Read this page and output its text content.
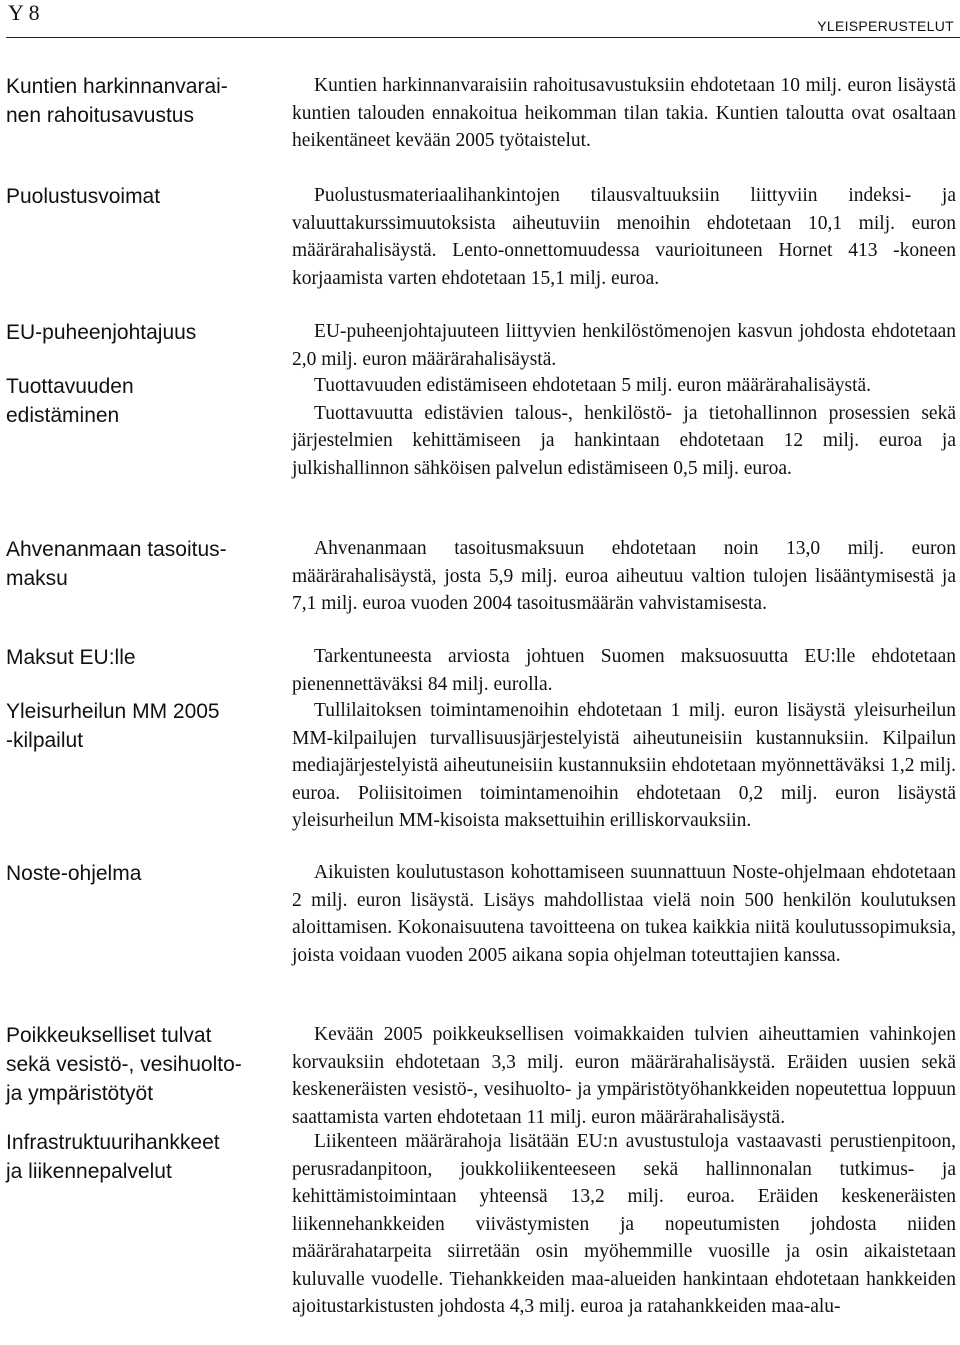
Y 8
YLEISPERUSTELUT
Kuntien harkinnanvarai-
nen rahoitusavustus

Kuntien harkinnanvaraisiin rahoitusavustuksiin ehdotetaan 10 milj. euron lisäystä kuntien talouden ennakoitua heikomman tilan takia. Kuntien taloutta ovat osaltaan heikentäneet kevään 2005 työtaistelut.

Puolustusvoimat	Puolustusmateriaalihankintojen tilausvaltuuksiin liittyviin indeksi- ja valuuttakurssimuutoksista aiheutuviin menoihin ehdotetaan 10,1 milj. euron määrärahalisäystä. Lento-onnettomuudessa vaurioituneen Hornet 413 -koneen korjaamista varten ehdotetaan 15,1 milj. euroa.

EU-puheenjohtajuus	EU-puheenjohtajuuteen liittyvien henkilöstömenojen kasvun johdosta ehdotetaan 2,0 milj. euron määrärahalisäystä.

Tuottavuuden
edistäminen

Tuottavuuden edistämiseen ehdotetaan 5 milj. euron määrärahalisäystä.

Tuottavuutta edistävien talous-, henkilöstö- ja tietohallinnon prosessien sekä järjestelmien kehittämiseen ja hankintaan ehdotetaan 12 milj. euroa ja julkishallinnon sähköisen palvelun edistämiseen 0,5 milj. euroa.

Ahvenanmaan tasoitus-
maksu

Ahvenanmaan tasoitusmaksuun ehdotetaan noin 13,0 milj. euron määrärahalisäystä, josta 5,9 milj. euroa aiheutuu valtion tulojen lisääntymisestä ja 7,1 milj. euroa vuoden 2004 tasoitusmäärän vahvistamisesta.

Maksut EU:lle	Tarkentuneesta arviosta johtuen Suomen maksuosuutta EU:lle ehdotetaan pienennettäväksi 84 milj. eurolla.

Yleisurheilun MM 2005
-kilpailut

Tullilaitoksen toimintamenoihin ehdotetaan 1 milj. euron lisäystä yleisurheilun MM-kilpailujen turvallisuusjärjestelyistä aiheutuneisiin kustannuksiin. Kilpailun mediajärjestelyistä aiheutuneisiin kustannuksiin ehdotetaan myönnettäväksi 1,2 milj. euroa. Poliisitoimen toimintamenoihin ehdotetaan 0,2 milj. euron lisäystä yleisurheilun MM-kisoista maksettuihin erilliskorvauksiin.

Noste-ohjelma	Aikuisten koulutustason kohottamiseen suunnattuun Noste-ohjelmaan ehdotetaan 2 milj. euron lisäystä. Lisäys mahdollistaa vielä noin 500 henkilön koulutuksen aloittamisen. Kokonaisuutena tavoitteena on tukea kaikkia niitä koulutussopimuksia, joista voidaan vuoden 2005 aikana sopia ohjelman toteuttajien kanssa.

Poikkeukselliset tulvat
sekä vesistö-, vesihuolto-
ja ympäristötyöt

Kevään 2005 poikkeuksellisen voimakkaiden tulvien aiheuttamien vahinkojen korvauksiin ehdotetaan 3,3 milj. euron määrärahalisäystä. Eräiden uusien sekä keskeneräisten vesistö-, vesihuolto- ja ympäristötyöhankkeiden nopeutettua loppuun saattamista varten ehdotetaan 11 milj. euron määrärahalisäystä.

Infrastruktuurihankkeet
ja liikennepalvelut

Liikenteen määrärahoja lisätään EU:n avustustuloja vastaavasti perustienpitoon, perusradanpitoon, joukkoliikenteeseen sekä hallinnonalan tutkimus- ja kehittämistoimintaan yhteensä 13,2 milj. euroa. Eräiden keskeneräisten liikennehankkeiden viivästymisten ja nopeutumisten johdosta niiden määrärahatarpeita siirretään osin myöhemmille vuosille ja osin aikaistetaan kuluvalle vuodelle. Tiehankkeiden maa-alueiden hankintaan ehdotetaan hankkeiden ajoitustarkistusten johdosta 4,3 milj. euroa ja ratahankkeiden maa-alu-
